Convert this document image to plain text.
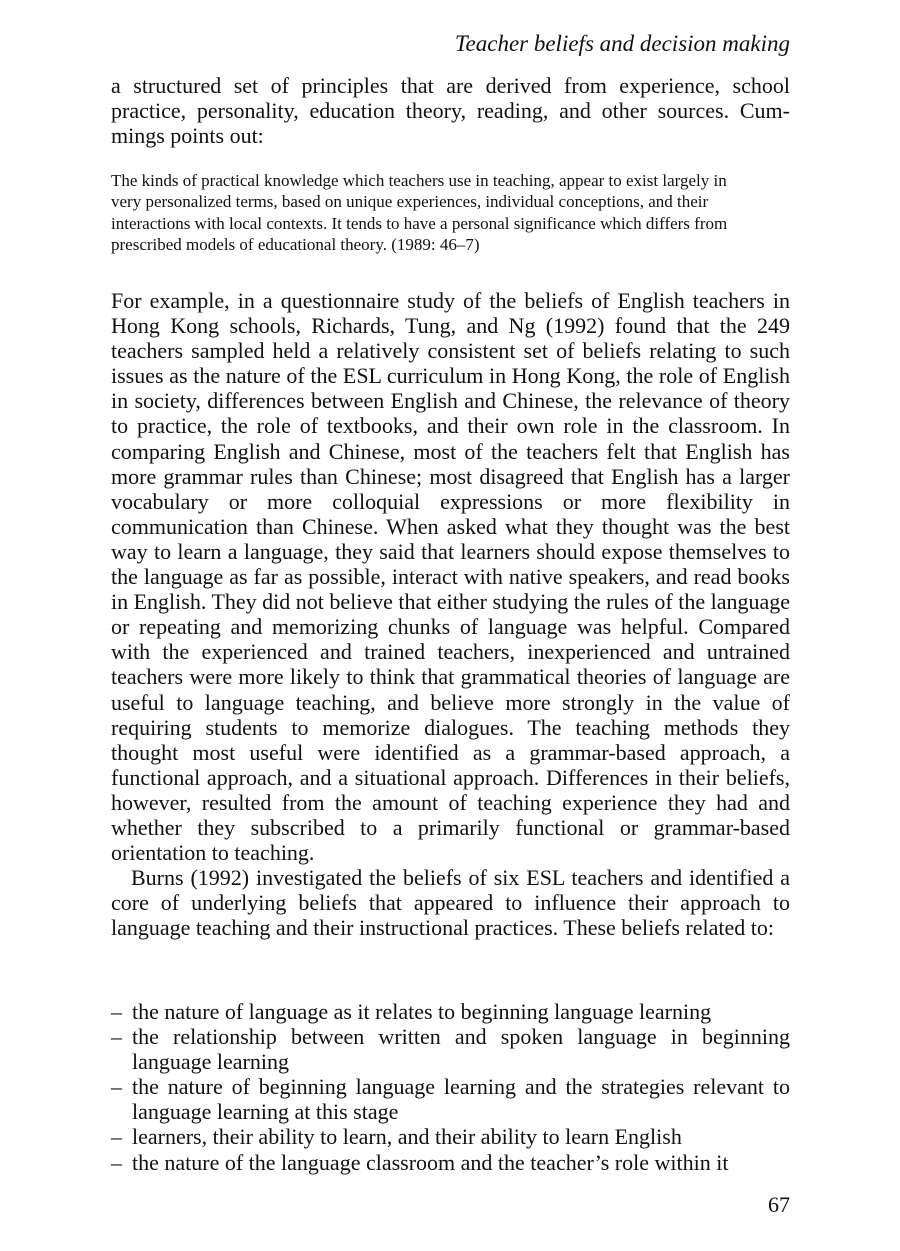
Teacher beliefs and decision making

a structured set of principles that are derived from experience, school practice, personality, education theory, reading, and other sources. Cummings points out:

The kinds of practical knowledge which teachers use in teaching, appear to exist largely in very personalized terms, based on unique experiences, individual conceptions, and their interactions with local contexts. It tends to have a personal significance which differs from prescribed models of educational theory. (1989: 46–7)

For example, in a questionnaire study of the beliefs of English teachers in Hong Kong schools, Richards, Tung, and Ng (1992) found that the 249 teachers sampled held a relatively consistent set of beliefs relating to such issues as the nature of the ESL curriculum in Hong Kong, the role of English in society, differences between English and Chinese, the relevance of theory to practice, the role of textbooks, and their own role in the classroom. In comparing English and Chinese, most of the teachers felt that English has more grammar rules than Chinese; most disagreed that English has a larger vocabulary or more colloquial expressions or more flexibility in communication than Chinese. When asked what they thought was the best way to learn a language, they said that learners should expose themselves to the language as far as possible, interact with native speakers, and read books in English. They did not believe that either studying the rules of the language or repeating and memorizing chunks of language was helpful. Compared with the experienced and trained teachers, inexperienced and untrained teachers were more likely to think that grammatical theories of language are useful to language teaching, and believe more strongly in the value of requiring students to memorize dialogues. The teaching methods they thought most useful were identified as a grammar-based approach, a functional approach, and a situational approach. Differences in their beliefs, however, resulted from the amount of teaching experience they had and whether they subscribed to a primarily functional or grammar-based orientation to teaching.

Burns (1992) investigated the beliefs of six ESL teachers and identified a core of underlying beliefs that appeared to influence their approach to language teaching and their instructional practices. These beliefs related to:

– the nature of language as it relates to beginning language learning
– the relationship between written and spoken language in beginning language learning
– the nature of beginning language learning and the strategies relevant to language learning at this stage
– learners, their ability to learn, and their ability to learn English
– the nature of the language classroom and the teacher’s role within it
67
